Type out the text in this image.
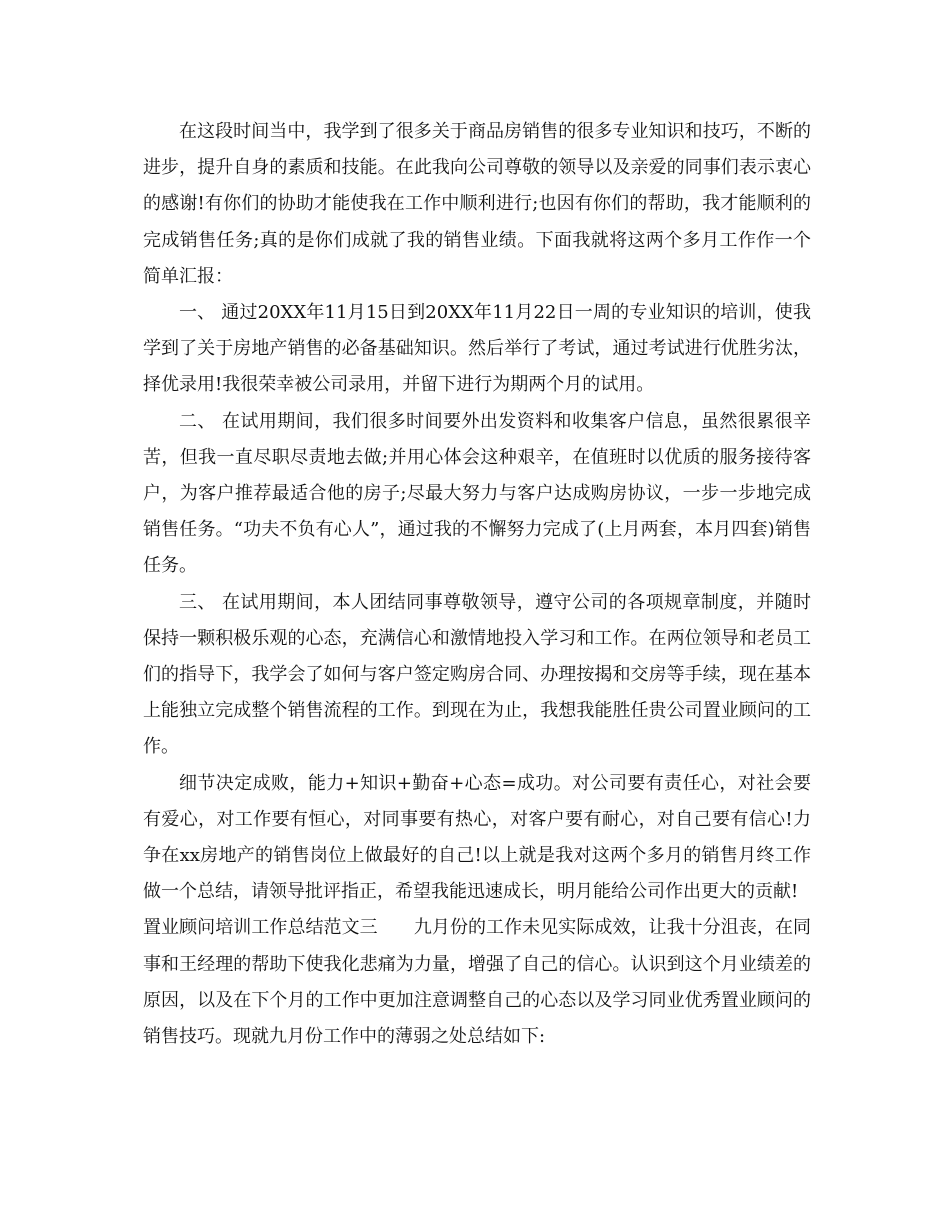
在这段时间当中，我学到了很多关于商品房销售的很多专业知识和技巧，不断的进步，提升自身的素质和技能。在此我向公司尊敬的领导以及亲爱的同事们表示衷心的感谢!有你们的协助才能使我在工作中顺利进行;也因有你们的帮助，我才能顺利的完成销售任务;真的是你们成就了我的销售业绩。下面我就将这两个多月工作作一个简单汇报：

一、 通过20XX年11月15日到20XX年11月22日一周的专业知识的培训，使我学到了关于房地产销售的必备基础知识。然后举行了考试，通过考试进行优胜劣汰，择优录用!我很荣幸被公司录用，并留下进行为期两个月的试用。

二、 在试用期间，我们很多时间要外出发资料和收集客户信息，虽然很累很辛苦，但我一直尽职尽责地去做;并用心体会这种艰辛，在值班时以优质的服务接待客户，为客户推荐最适合他的房子;尽最大努力与客户达成购房协议，一步一步地完成销售任务。“功夫不负有心人”，通过我的不懈努力完成了(上月两套，本月四套)销售任务。

三、 在试用期间，本人团结同事尊敬领导，遵守公司的各项规章制度，并随时保持一颗积极乐观的心态，充满信心和激情地投入学习和工作。在两位领导和老员工们的指导下，我学会了如何与客户签定购房合同、办理按揭和交房等手续，现在基本上能独立完成整个销售流程的工作。到现在为止，我想我能胜任贵公司置业顾问的工作。

细节决定成败，能力+知识+勤奋+心态=成功。对公司要有责任心，对社会要有爱心，对工作要有恒心，对同事要有热心，对客户要有耐心，对自己要有信心!力争在xx房地产的销售岗位上做最好的自己!以上就是我对这两个多月的销售月终工作做一个总结，请领导批评指正，希望我能迅速成长，明月能给公司作出更大的贡献!

置业顾问培训工作总结范文三　　九月份的工作未见实际成效，让我十分沮丧，在同事和王经理的帮助下使我化悲痛为力量，增强了自己的信心。认识到这个月业绩差的原因，以及在下个月的工作中更加注意调整自己的心态以及学习同业优秀置业顾问的销售技巧。现就九月份工作中的薄弱之处总结如下:
